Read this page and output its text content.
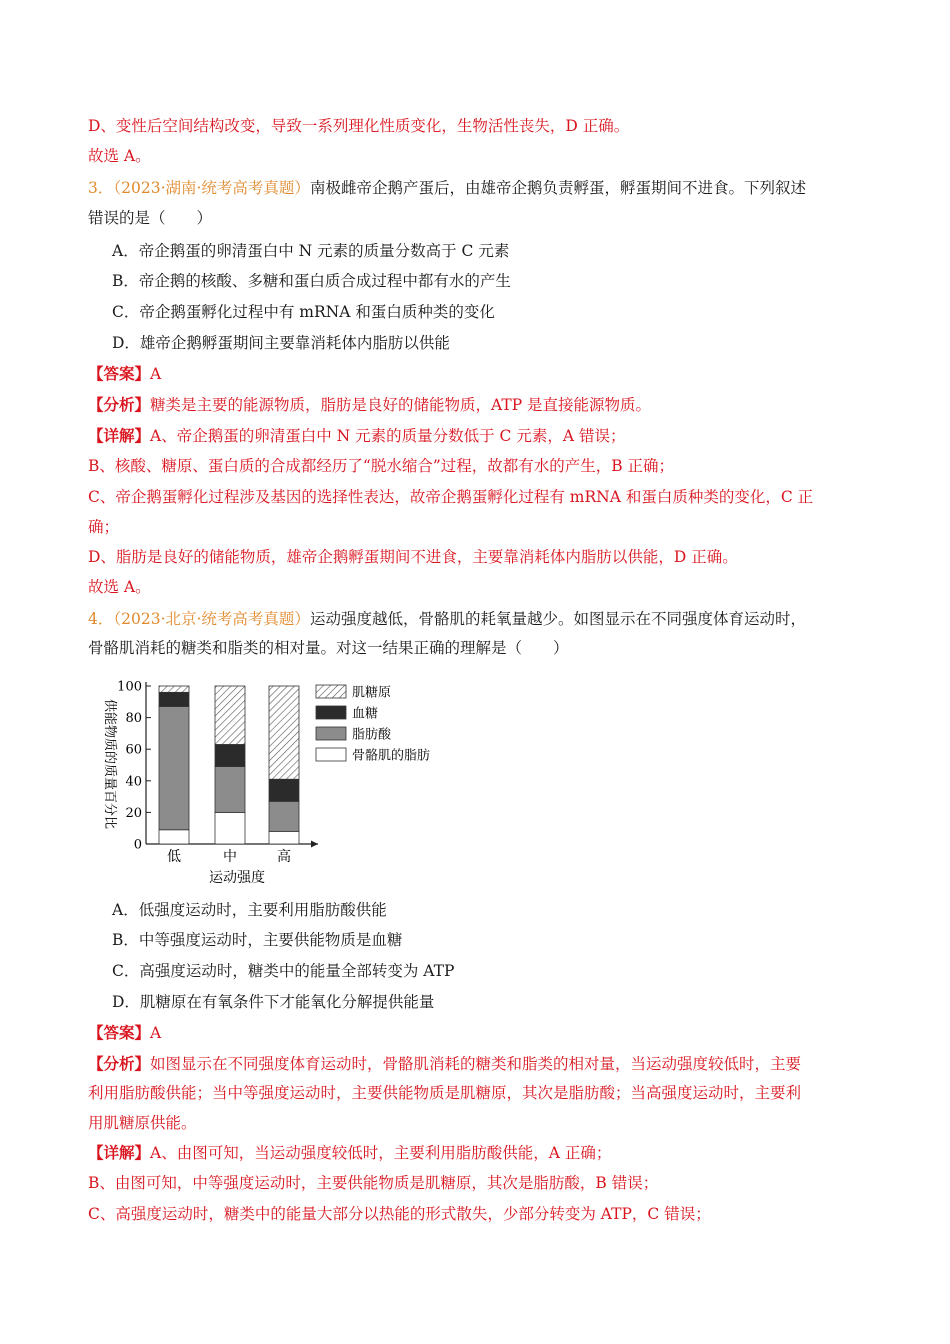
D、变性后空间结构改变，导致一系列理化性质变化，生物活性丧失，D 正确。
故选 A。
3．（2023·湖南·统考高考真题）南极雌帝企鹅产蛋后，由雄帝企鹅负责孵蛋，孵蛋期间不进食。下列叙述
错误的是（　　）
A．帝企鹅蛋的卵清蛋白中 N 元素的质量分数高于 C 元素
B．帝企鹅的核酸、多糖和蛋白质合成过程中都有水的产生
C．帝企鹅蛋孵化过程中有 mRNA 和蛋白质种类的变化
D．雄帝企鹅孵蛋期间主要靠消耗体内脂肪以供能
【答案】A
【分析】糖类是主要的能源物质，脂肪是良好的储能物质，ATP 是直接能源物质。
【详解】A、帝企鹅蛋的卵清蛋白中 N 元素的质量分数低于 C 元素，A 错误；
B、核酸、糖原、蛋白质的合成都经历了“脱水缩合”过程，故都有水的产生，B 正确；
C、帝企鹅蛋孵化过程涉及基因的选择性表达，故帝企鹅蛋孵化过程有 mRNA 和蛋白质种类的变化，C 正
确；
D、脂肪是良好的储能物质，雄帝企鹅孵蛋期间不进食，主要靠消耗体内脂肪以供能，D 正确。
故选 A。
4．（2023·北京·统考高考真题）运动强度越低，骨骼肌的耗氧量越少。如图显示在不同强度体育运动时，
骨骼肌消耗的糖类和脂类的相对量。对这一结果正确的理解是（　　）
供能物质的质量百分比
0
20
40
60
80
100
低	中	高
运动强度
肌糖原
血糖
脂肪酸
骨骼肌的脂肪
A．低强度运动时，主要利用脂肪酸供能
B．中等强度运动时，主要供能物质是血糖
C．高强度运动时，糖类中的能量全部转变为 ATP
D．肌糖原在有氧条件下才能氧化分解提供能量
【答案】A
【分析】如图显示在不同强度体育运动时，骨骼肌消耗的糖类和脂类的相对量，当运动强度较低时，主要
利用脂肪酸供能；当中等强度运动时，主要供能物质是肌糖原，其次是脂肪酸；当高强度运动时，主要利
用肌糖原供能。
【详解】A、由图可知，当运动强度较低时，主要利用脂肪酸供能，A 正确；
B、由图可知，中等强度运动时，主要供能物质是肌糖原，其次是脂肪酸，B 错误；
C、高强度运动时，糖类中的能量大部分以热能的形式散失，少部分转变为 ATP，C 错误；
